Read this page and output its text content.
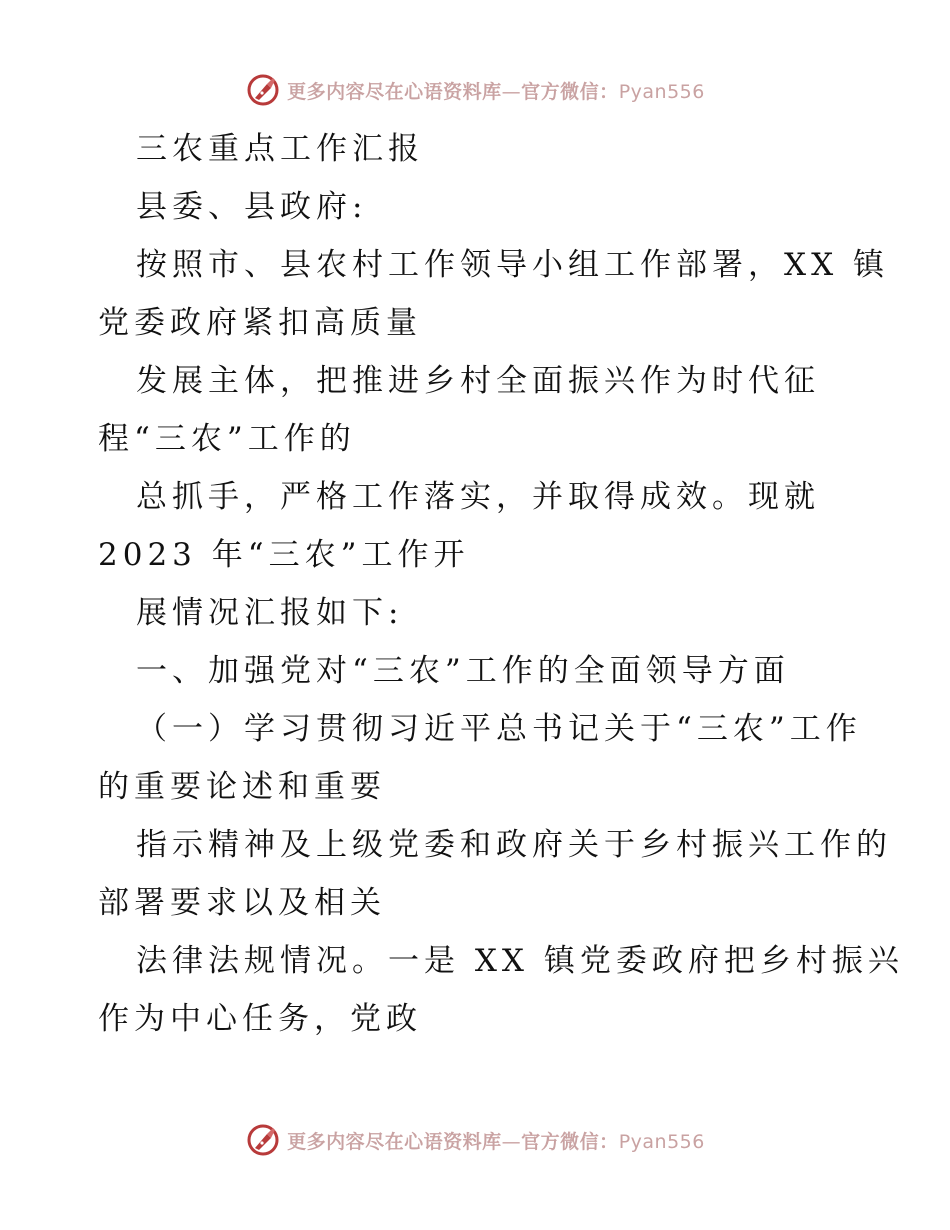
更多内容尽在心语资料库—官方微信：Pyan556
三农重点工作汇报
县委、县政府:
按照市、县农村工作领导小组工作部署，XX 镇
党委政府紧扣高质量
发展主体，把推进乡村全面振兴作为时代征
程“三农”工作的
总抓手，严格工作落实，并取得成效。现就
2023 年“三农”工作开
展情况汇报如下:
一、加强党对“三农”工作的全面领导方面
（一）学习贯彻习近平总书记关于“三农”工作
的重要论述和重要
指示精神及上级党委和政府关于乡村振兴工作的
部署要求以及相关
法律法规情况。一是 XX 镇党委政府把乡村振兴
作为中心任务，党政
更多内容尽在心语资料库—官方微信：Pyan556
